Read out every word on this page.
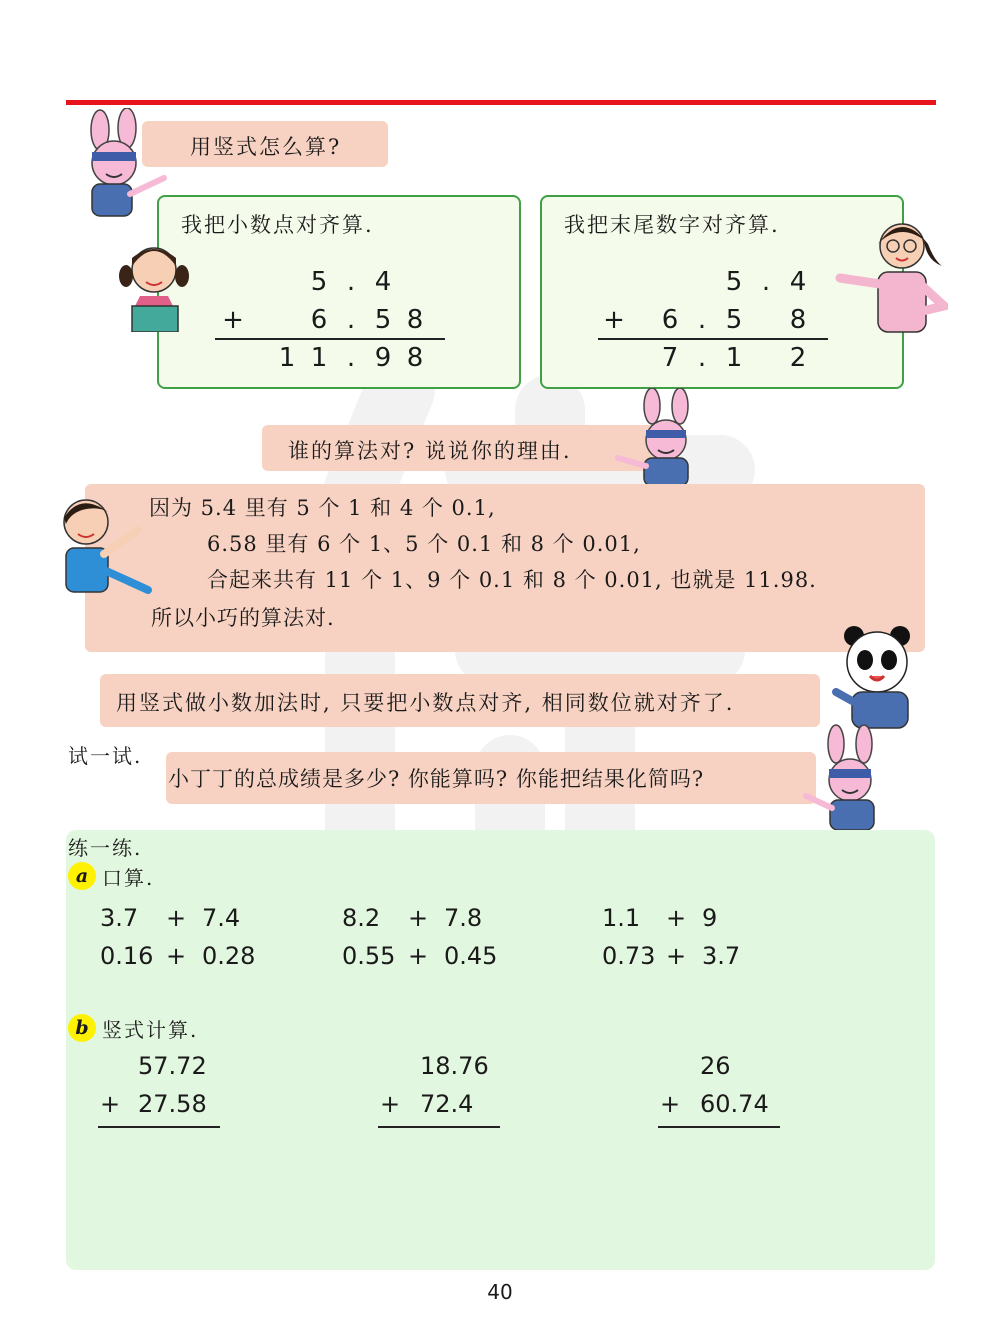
用竖式怎么算?
我把小数点对齐算.
5 . 4
+	6 . 5 8
1 1 . 9 8
我把末尾数字对齐算.
5 . 4
+ 6 . 5 8
7 . 1 2
谁的算法对? 说说你的理由.
因为 5.4 里有 5 个 1 和 4 个 0.1,
6.58 里有 6 个 1、5 个 0.1 和 8 个 0.01,
合起来共有 11 个 1、9 个 0.1 和 8 个 0.01, 也就是 11.98.
所以小巧的算法对.
用竖式做小数加法时, 只要把小数点对齐, 相同数位就对齐了.
试一试.
小丁丁的总成绩是多少? 你能算吗? 你能把结果化简吗?
练一练.
a 口算.
3.7 + 7.4	8.2 + 7.8	1.1 + 9
0.16 + 0.28	0.55 + 0.45	0.73 + 3.7
b 竖式计算.
57.72
+ 27.58
18.76
+ 72.4
26
+ 60.74
40
